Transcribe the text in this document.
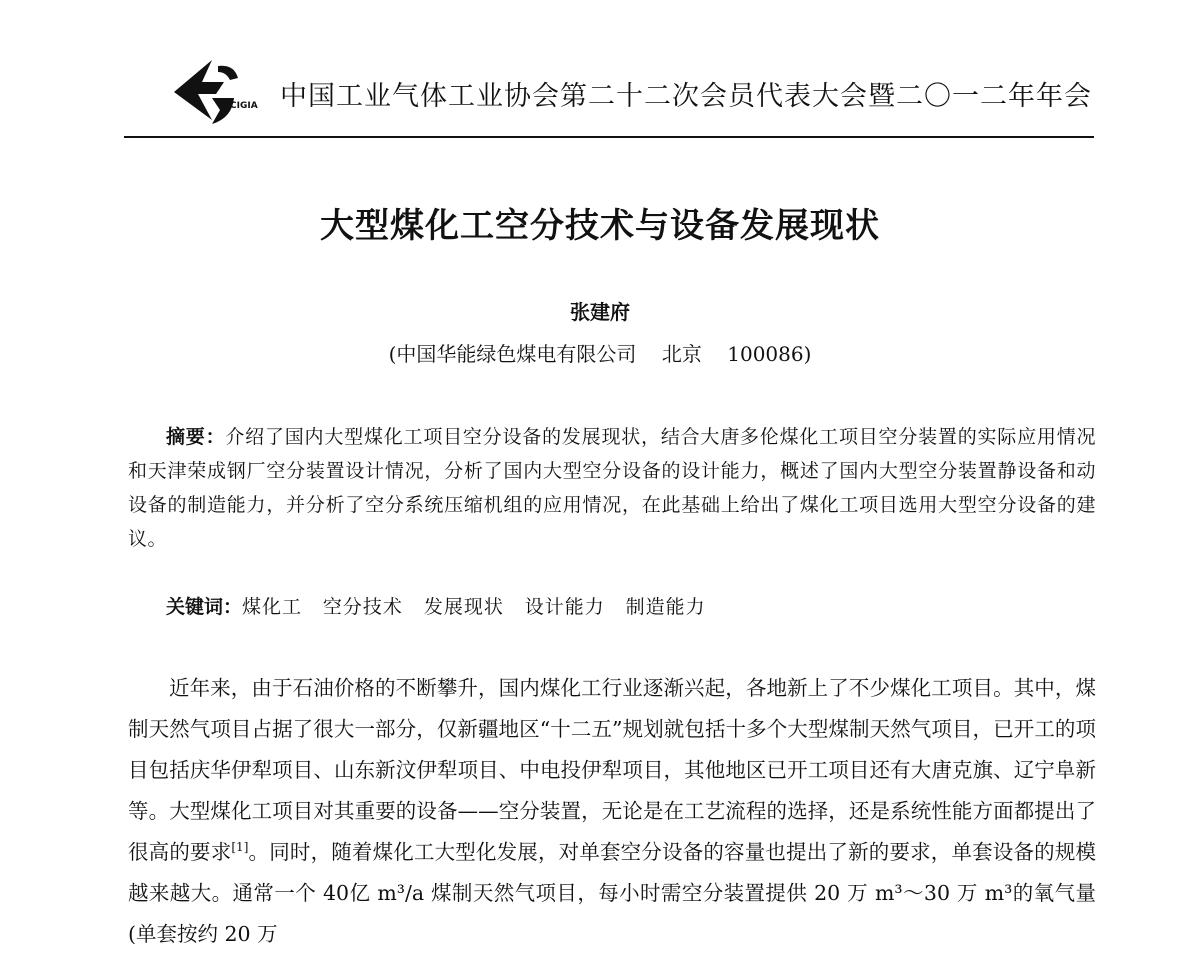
CIGIA 中国工业气体工业协会第二十二次会员代表大会暨二〇一二年年会
大型煤化工空分技术与设备发展现状
张建府
(中国华能绿色煤电有限公司    北京    100086)
摘要：介绍了国内大型煤化工项目空分设备的发展现状，结合大唐多伦煤化工项目空分装置的实际应用情况和天津荣成钢厂空分装置设计情况，分析了国内大型空分设备的设计能力，概述了国内大型空分装置静设备和动设备的制造能力，并分析了空分系统压缩机组的应用情况，在此基础上给出了煤化工项目选用大型空分设备的建议。
关键词：煤化工 空分技术 发展现状 设计能力 制造能力
近年来，由于石油价格的不断攀升，国内煤化工行业逐渐兴起，各地新上了不少煤化工项目。其中，煤制天然气项目占据了很大一部分，仅新疆地区“十二五”规划就包括十多个大型煤制天然气项目，已开工的项目包括庆华伊犁项目、山东新汶伊犁项目、中电投伊犁项目，其他地区已开工项目还有大唐克旗、辽宁阜新等。大型煤化工项目对其重要的设备——空分装置，无论是在工艺流程的选择，还是系统性能方面都提出了很高的要求[1]。同时，随着煤化工大型化发展，对单套空分设备的容量也提出了新的要求，单套设备的规模越来越大。通常一个 40亿 m³/a 煤制天然气项目，每小时需空分装置提供 20 万 m³～30 万 m³的氧气量(单套按约 20 万
